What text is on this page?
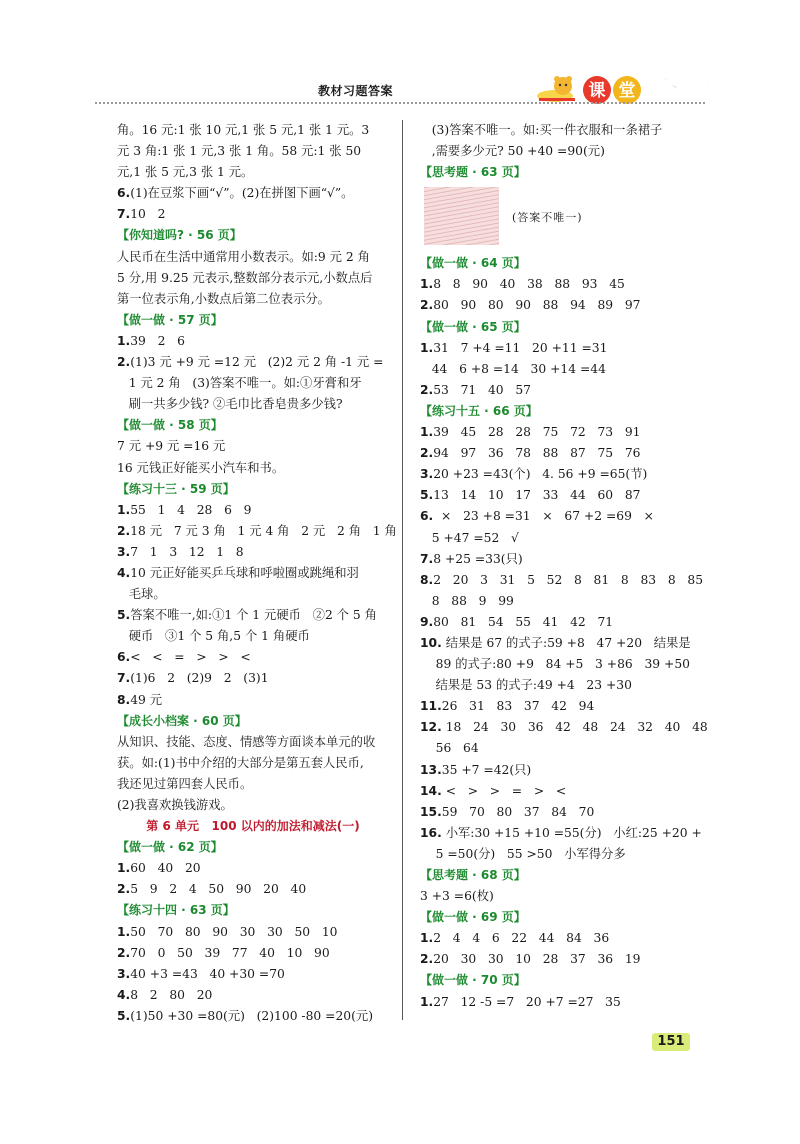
教材习题答案	课 堂 全 解
角。16 元:1 张 10 元,1 张 5 元,1 张 1 元。3
元 3 角:1 张 1 元,3 张 1 角。58 元:1 张 50
元,1 张 5 元,3 张 1 元。
6.(1)在豆浆下画“√”。(2)在拼图下画“√”。
7.10   2
【你知道吗? · 56 页】
人民币在生活中通常用小数表示。如:9 元 2 角
5 分,用 9.25 元表示,整数部分表示元,小数点后
第一位表示角,小数点后第二位表示分。
【做一做 · 57 页】
1.39   2   6
2.(1)3 元 +9 元 =12 元   (2)2 元 2 角 -1 元 =
1 元 2 角   (3)答案不唯一。如:①牙膏和牙
刷一共多少钱? ②毛巾比香皂贵多少钱?
【做一做 · 58 页】
7 元 +9 元 =16 元
16 元钱正好能买小汽车和书。
【练习十三 · 59 页】
1.55   1   4   28   6   9
2.18 元   7 元 3 角   1 元 4 角   2 元   2 角   1 角
3.7   1   3   12   1   8
4.10 元正好能买乒乓球和呼啦圈或跳绳和羽
毛球。
5.答案不唯一,如:①1 个 1 元硬币   ②2 个 5 角
硬币   ③1 个 5 角,5 个 1 角硬币
6.<   <   =   >   >   <
7.(1)6   2   (2)9   2   (3)1
8.49 元
【成长小档案 · 60 页】
从知识、技能、态度、情感等方面谈本单元的收
获。如:(1)书中介绍的大部分是第五套人民币,
我还见过第四套人民币。
(2)我喜欢换钱游戏。
第 6 单元   100 以内的加法和减法(一)
【做一做 · 62 页】
1.60   40   20
2.5   9   2   4   50   90   20   40
【练习十四 · 63 页】
1.50   70   80   90   30   30   50   10
2.70   0   50   39   77   40   10   90
3.40 +3 =43   40 +30 =70
4.8   2   80   20
5.(1)50 +30 =80(元)   (2)100 -80 =20(元)
(3)答案不唯一。如:买一件衣服和一条裙子
,需要多少元? 50 +40 =90(元)
【思考题 · 63 页】
(答案不唯一)
【做一做 · 64 页】
1.8   8   90   40   38   88   93   45
2.80   90   80   90   88   94   89   97
【做一做 · 65 页】
1.31   7 +4 =11   20 +11 =31
44   6 +8 =14   30 +14 =44
2.53   71   40   57
【练习十五 · 66 页】
1.39   45   28   28   75   72   73   91
2.94   97   36   78   88   87   75   76
3.20 +23 =43(个)   4. 56 +9 =65(节)
5.13   14   10   17   33   44   60   87
6.  ×   23 +8 =31   ×   67 +2 =69   ×
5 +47 =52   √
7.8 +25 =33(只)
8.2   20   3   31   5   52   8   81   8   83   8   85
8   88   9   99
9.80   81   54   55   41   42   71
10. 结果是 67 的式子:59 +8   47 +20   结果是
89 的式子:80 +9   84 +5   3 +86   39 +50
结果是 53 的式子:49 +4   23 +30
11.26   31   83   37   42   94
12. 18   24   30   36   42   48   24   32   40   48
56   64
13.35 +7 =42(只)
14. <   >   >   =   >   <
15.59   70   80   37   84   70
16. 小军:30 +15 +10 =55(分)   小红:25 +20 +
5 =50(分)   55 >50   小军得分多
【思考题 · 68 页】
3 +3 =6(枚)
【做一做 · 69 页】
1.2   4   4   6   22   44   84   36
2.20   30   30   10   28   37   36   19
【做一做 · 70 页】
1.27   12 -5 =7   20 +7 =27   35
151
